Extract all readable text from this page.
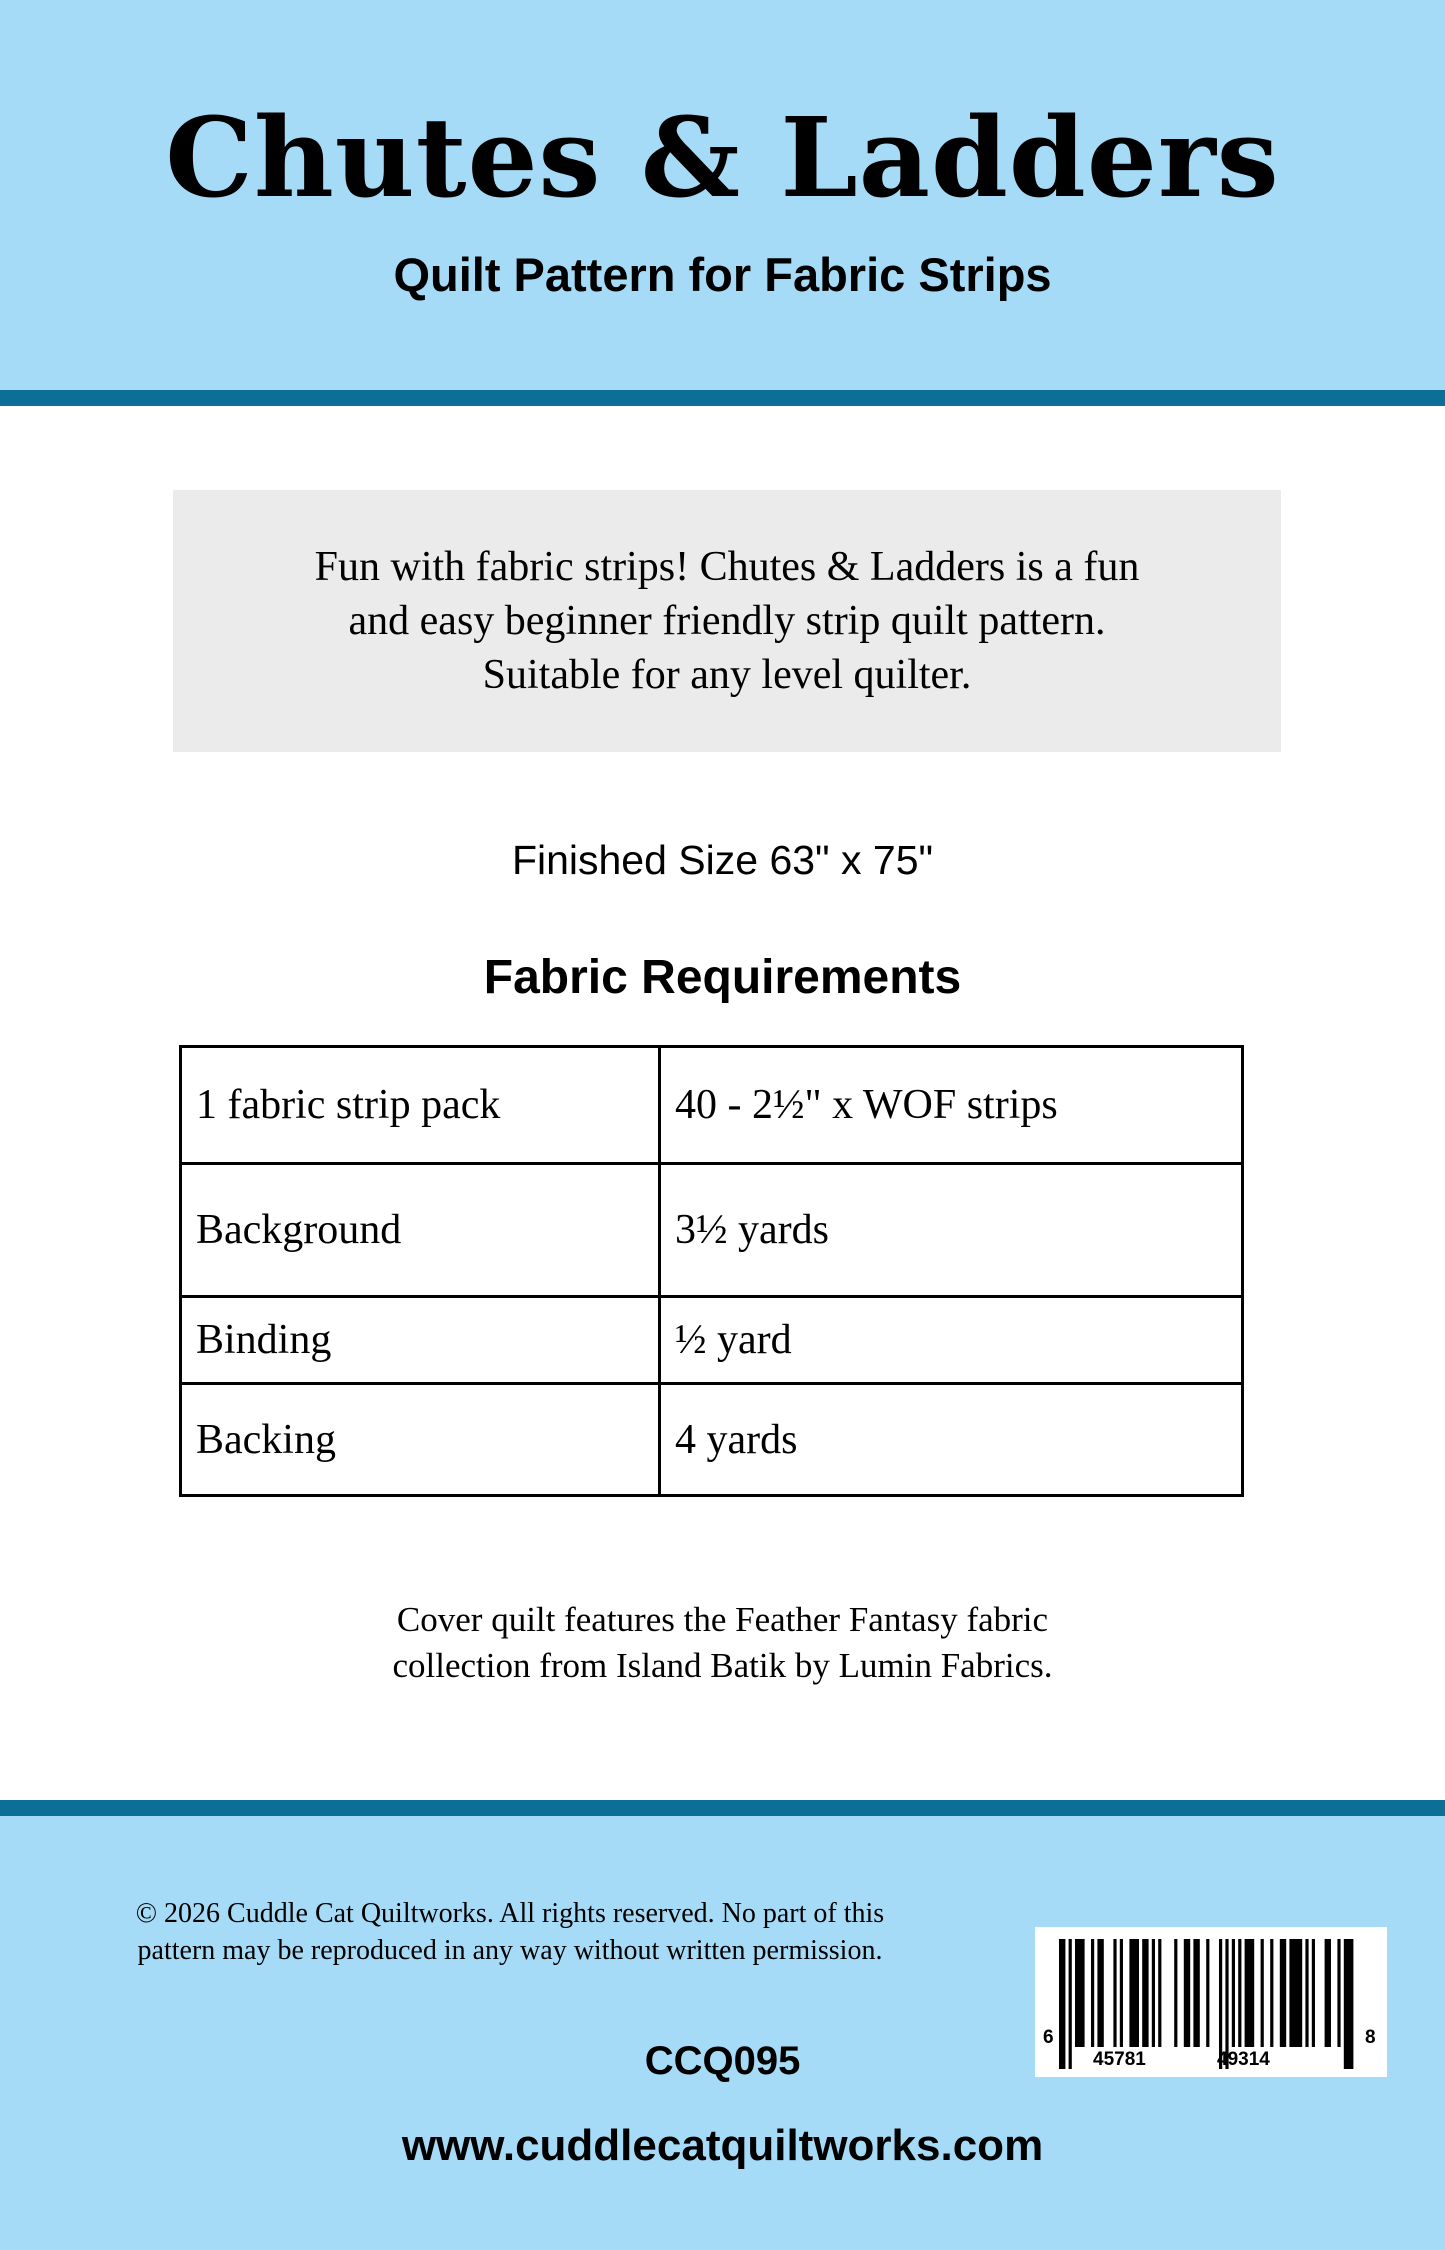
Chutes & Ladders
Quilt Pattern for Fabric Strips
Fun with fabric strips! Chutes & Ladders is a fun
and easy beginner friendly strip quilt pattern.
Suitable for any level quilter.
Finished Size 63" x 75"
Fabric Requirements
1 fabric strip pack	40 - 2½" x WOF strips
Background	3½ yards
Binding	½ yard
Backing	4 yards
Cover quilt features the Feather Fantasy fabric
collection from Island Batik by Lumin Fabrics.
© 2026 Cuddle Cat Quiltworks. All rights reserved. No part of this
pattern may be reproduced in any way without written permission.
6
45781	49314
8
CCQ095
www.cuddlecatquiltworks.com
